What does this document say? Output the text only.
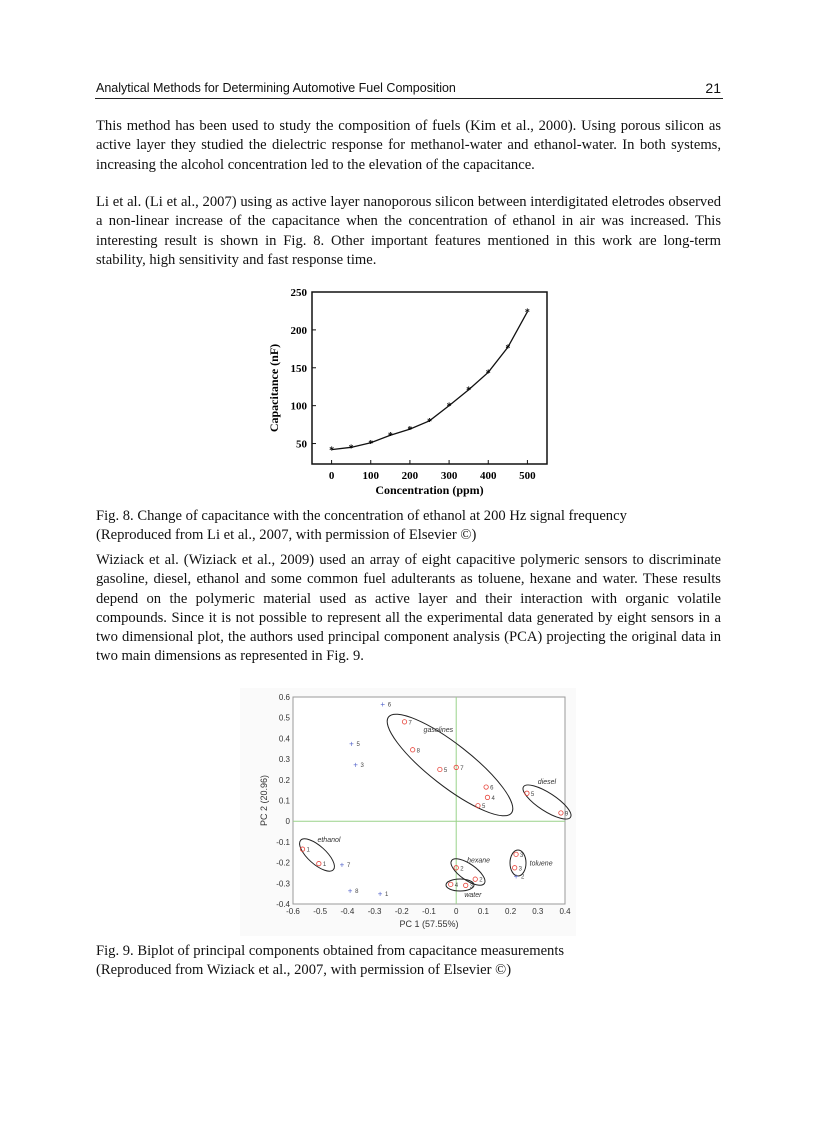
Analytical Methods for Determining Automotive Fuel Composition	21

This method has been used to study the composition of fuels (Kim et al., 2000). Using porous silicon as active layer they studied the dielectric response for methanol-water and ethanol-water. In both systems, increasing the alcohol concentration led to the elevation of the capacitance.

Li et al. (Li et al., 2007) using as active layer nanoporous silicon between interdigitated eletrodes observed a non-linear increase of the capacitance when the concentration of ethanol in air was increased. This interesting result is shown in Fig. 8. Other important features mentioned in this work are long-term stability, high sensitivity and fast response time.

0	100 200 300 400 500
50
100
150
200
250
* * *
*
*
*
*
*
*
*
*
Concentration (ppm)
Capacitance (nF)

Fig. 8. Change of capacitance with the concentration of ethanol at 200 Hz signal frequency

(Reproduced from Li et al., 2007, with permission of Elsevier ©)

Wiziack et al. (Wiziack et al., 2009) used an array of eight capacitive polymeric sensors to discriminate gasoline, diesel, ethanol and some common fuel adulterants as toluene, hexane and water. These results depend on the polymeric material used as active layer and their interaction with organic volatile compounds. Since it is not possible to represent all the experimental data generated by eight sensors in a two dimensional plot, the authors used principal component analysis (PCA) projecting the original data in two main dimensions as represented in Fig. 9.

-0.6 -0.5 -0.4 -0.3 -0.2 -0.1 0 0.1 0.2 0.3 0.4
-0.4
-0.3
-0.2
-0.1
0
0.1
0.2
0.3
0.4
0.5
0.6
PC 1 (57.55%)
PC 2 (20.96)
7
8
5 7
6
4
5
5
9
1
1
2
2
4 3
3
3
+ 6
+ 5
+ 3
+ 7
+ 8 + 1
+ 2
gasolines
diesel
ethanol
hexane
water
toluene

Fig. 9. Biplot of principal components obtained from capacitance measurements

(Reproduced from Wiziack et al., 2007, with permission of Elsevier ©)
